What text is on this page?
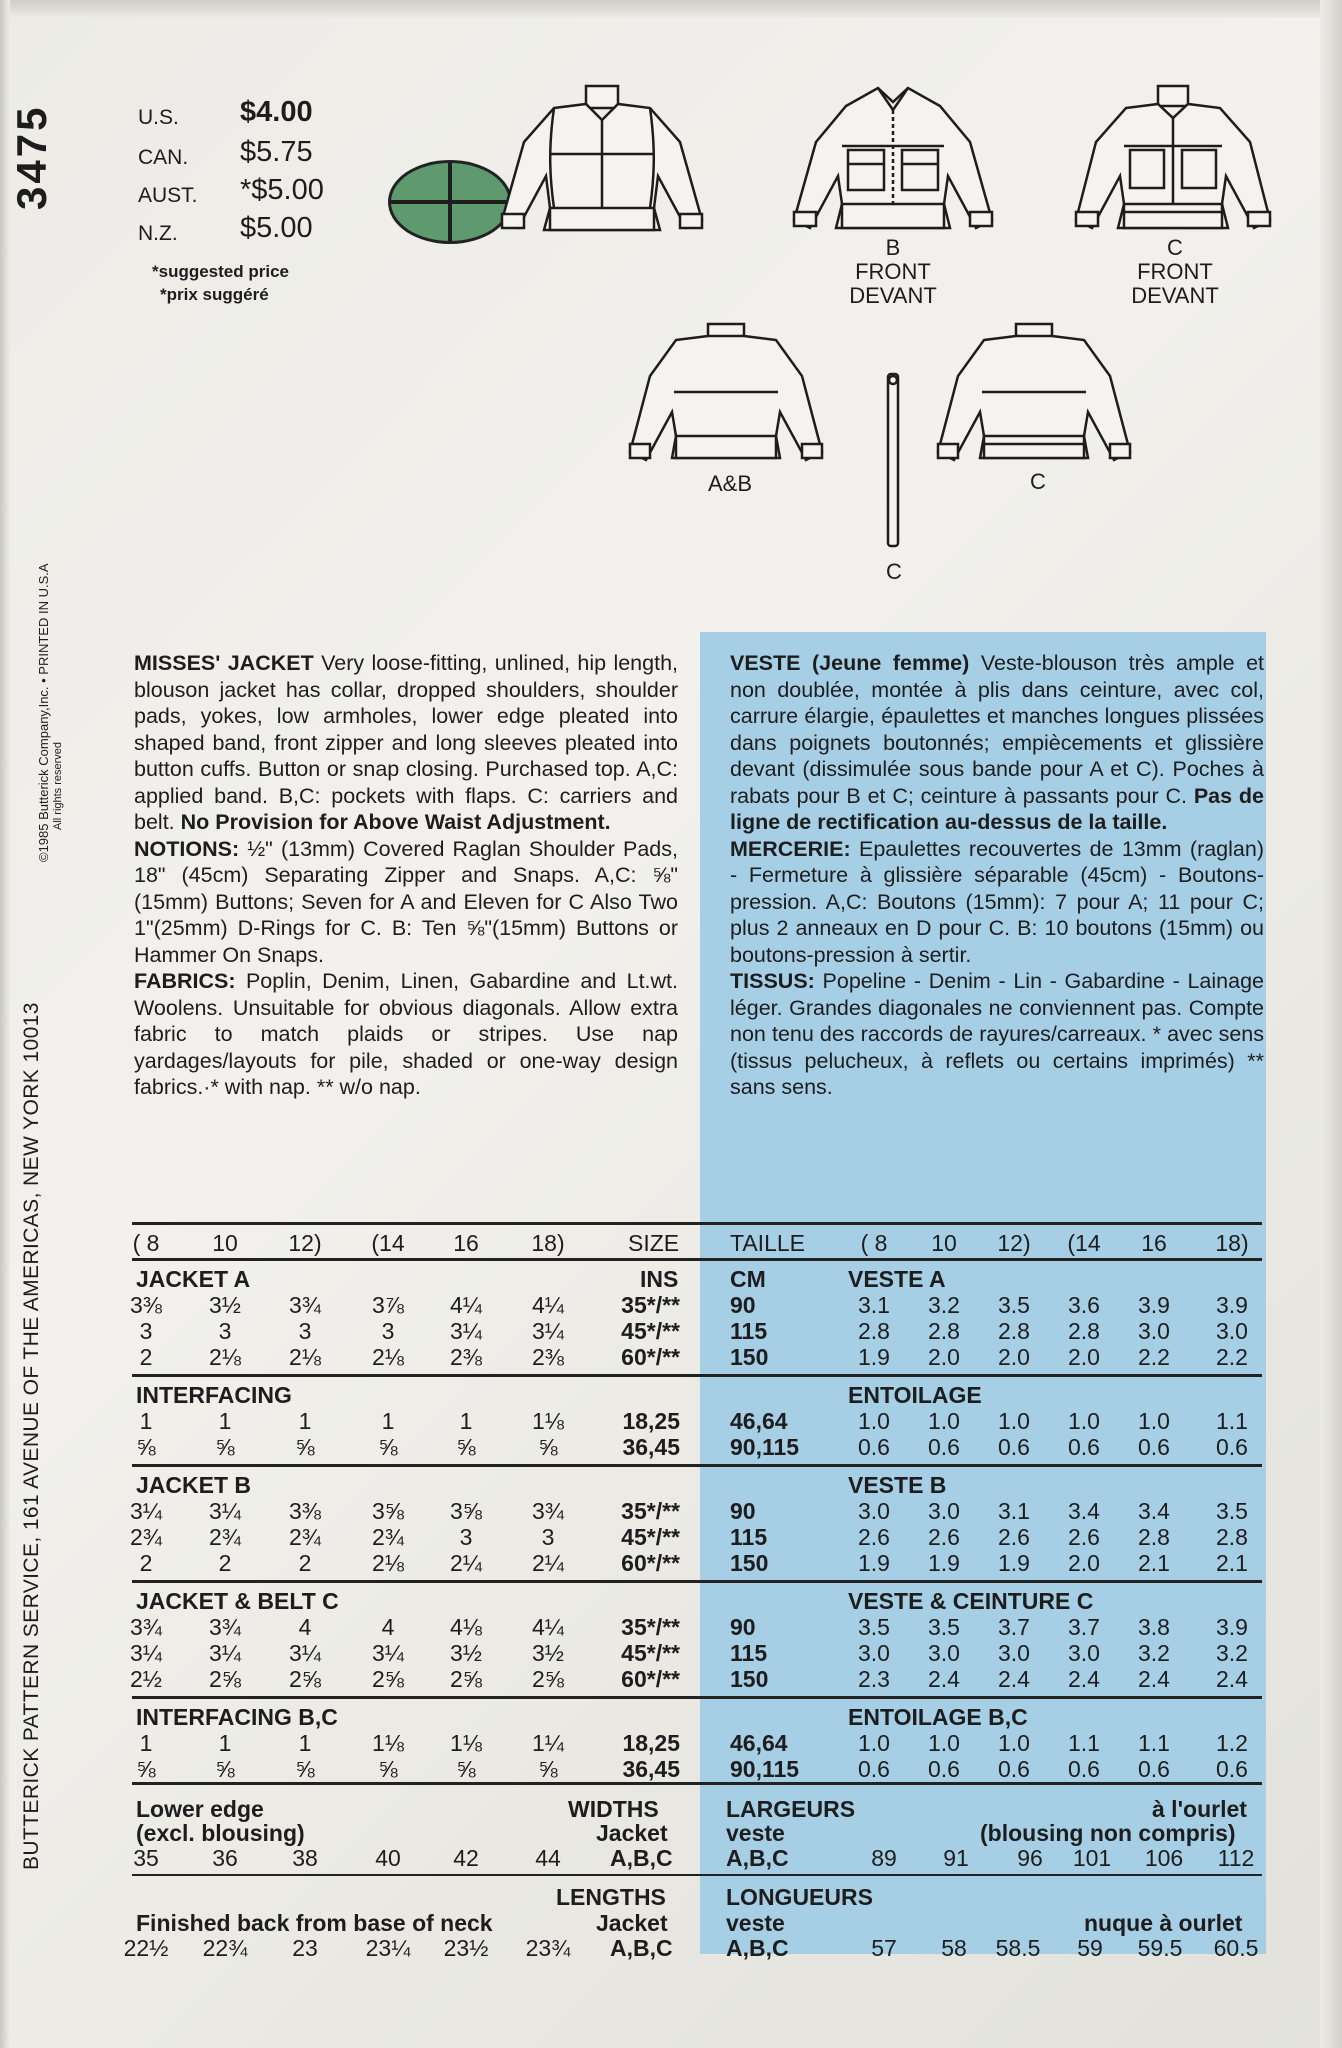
3475
BUTTERICK PATTERN SERVICE, 161 AVENUE OF THE AMERICAS, NEW YORK 10013
©1985 Butterick Company,Inc. • PRINTED IN U.S.A All rights reserved
U.S. $4.00
CAN. $5.75
AUST. *$5.00
N.Z. $5.00
*suggested price
*prix suggéré
B
FRONT
DEVANT
C
FRONT
DEVANT
A&B
C
C
MISSES' JACKET Very loose-fitting, unlined, hip length, blouson jacket has collar, dropped shoulders, shoulder pads, yokes, low armholes, lower edge pleated into shaped band, front zipper and long sleeves pleated into button cuffs. Button or snap closing. Purchased top. A,C: applied band. B,C: pockets with flaps. C: carriers and belt. No Provision for Above Waist Adjustment.
NOTIONS: ½" (13mm) Covered Raglan Shoulder Pads, 18" (45cm) Separating Zipper and Snaps. A,C: ⅝" (15mm) Buttons; Seven for A and Eleven for C Also Two 1"(25mm) D-Rings for C. B: Ten ⅝"(15mm) Buttons or Hammer On Snaps.
FABRICS: Poplin, Denim, Linen, Gabardine and Lt.wt. Woolens. Unsuitable for obvious diagonals. Allow extra fabric to match plaids or stripes. Use nap yardages/layouts for pile, shaded or one-way design fabrics.·* with nap. ** w/o nap.
VESTE (Jeune femme) Veste-blouson très ample et non doublée, montée à plis dans ceinture, avec col, carrure élargie, épaulettes et manches longues plissées dans poignets boutonnés; empiècements et glissière devant (dissimulée sous bande pour A et C). Poches à rabats pour B et C; ceinture à passants pour C. Pas de ligne de rectification au-dessus de la taille.
MERCERIE: Epaulettes recouvertes de 13mm (raglan) - Fermeture à glissière séparable (45cm) - Boutons-pression. A,C: Boutons (15mm): 7 pour A; 11 pour C; plus 2 anneaux en D pour C. B: 10 boutons (15mm) ou boutons-pression à sertir.
TISSUS: Popeline - Denim - Lin - Gabardine - Lainage léger. Grandes diagonales ne conviennent pas. Compte non tenu des raccords de rayures/carreaux. * avec sens (tissus pelucheux, à reflets ou certains imprimés) ** sans sens.
( 8	10	12)	(14	16	18)	SIZE TAILLE	( 8	10	12)	(14	16	18)
JACKET A	VESTE A
INS CM
3⅜	3½	3¾	3⅞	4¼	4¼	35*/** 90	3.1	3.2	3.5	3.6	3.9	3.9
3	3	3	3	3¼	3¼	45*/** 115	2.8	2.8	2.8	2.8	3.0	3.0
2	2⅛	2⅛	2⅛	2⅜	2⅜	60*/** 150	1.9	2.0	2.0	2.0	2.2	2.2
INTERFACING	ENTOILAGE
1	1	1	1	1	1⅛	18,25 46,64	1.0	1.0	1.0	1.0	1.0	1.1
⅝	⅝	⅝	⅝	⅝	⅝	36,45 90,115	0.6	0.6	0.6	0.6	0.6	0.6
JACKET B	VESTE B
3¼	3¼	3⅜	3⅝	3⅝	3¾	35*/** 90	3.0	3.0	3.1	3.4	3.4	3.5
2¾	2¾	2¾	2¾	3	3	45*/** 115	2.6	2.6	2.6	2.6	2.8	2.8
2	2	2	2⅛	2¼	2¼	60*/** 150	1.9	1.9	1.9	2.0	2.1	2.1
JACKET & BELT C	VESTE & CEINTURE C
3¾	3¾	4	4	4⅛	4¼	35*/** 90	3.5	3.5	3.7	3.7	3.8	3.9
3¼	3¼	3¼	3¼	3½	3½	45*/** 115	3.0	3.0	3.0	3.0	3.2	3.2
2½	2⅝	2⅝	2⅝	2⅝	2⅝	60*/** 150	2.3	2.4	2.4	2.4	2.4	2.4
INTERFACING B,C	ENTOILAGE B,C
1	1	1	1⅛	1⅛	1¼	18,25 46,64	1.0	1.0	1.0	1.1	1.1	1.2
⅝	⅝	⅝	⅝	⅝	⅝	36,45 90,115	0.6	0.6	0.6	0.6	0.6	0.6
Lower edge
(excl. blousing)
WIDTHS
Jacket
A,B,C
LARGEURS	à l'ourlet
veste	(blousing non compris)
A,B,C
35	36	38	40	42	44	89	91	96	101	106	112
LENGTHS
Finished back from base of neck	Jacket
A,B,C
LONGUEURS
veste	nuque à ourlet
A,B,C
22½	22¾	23	23¼	23½	23¾	57	58	58.5	59	59.5	60.5
